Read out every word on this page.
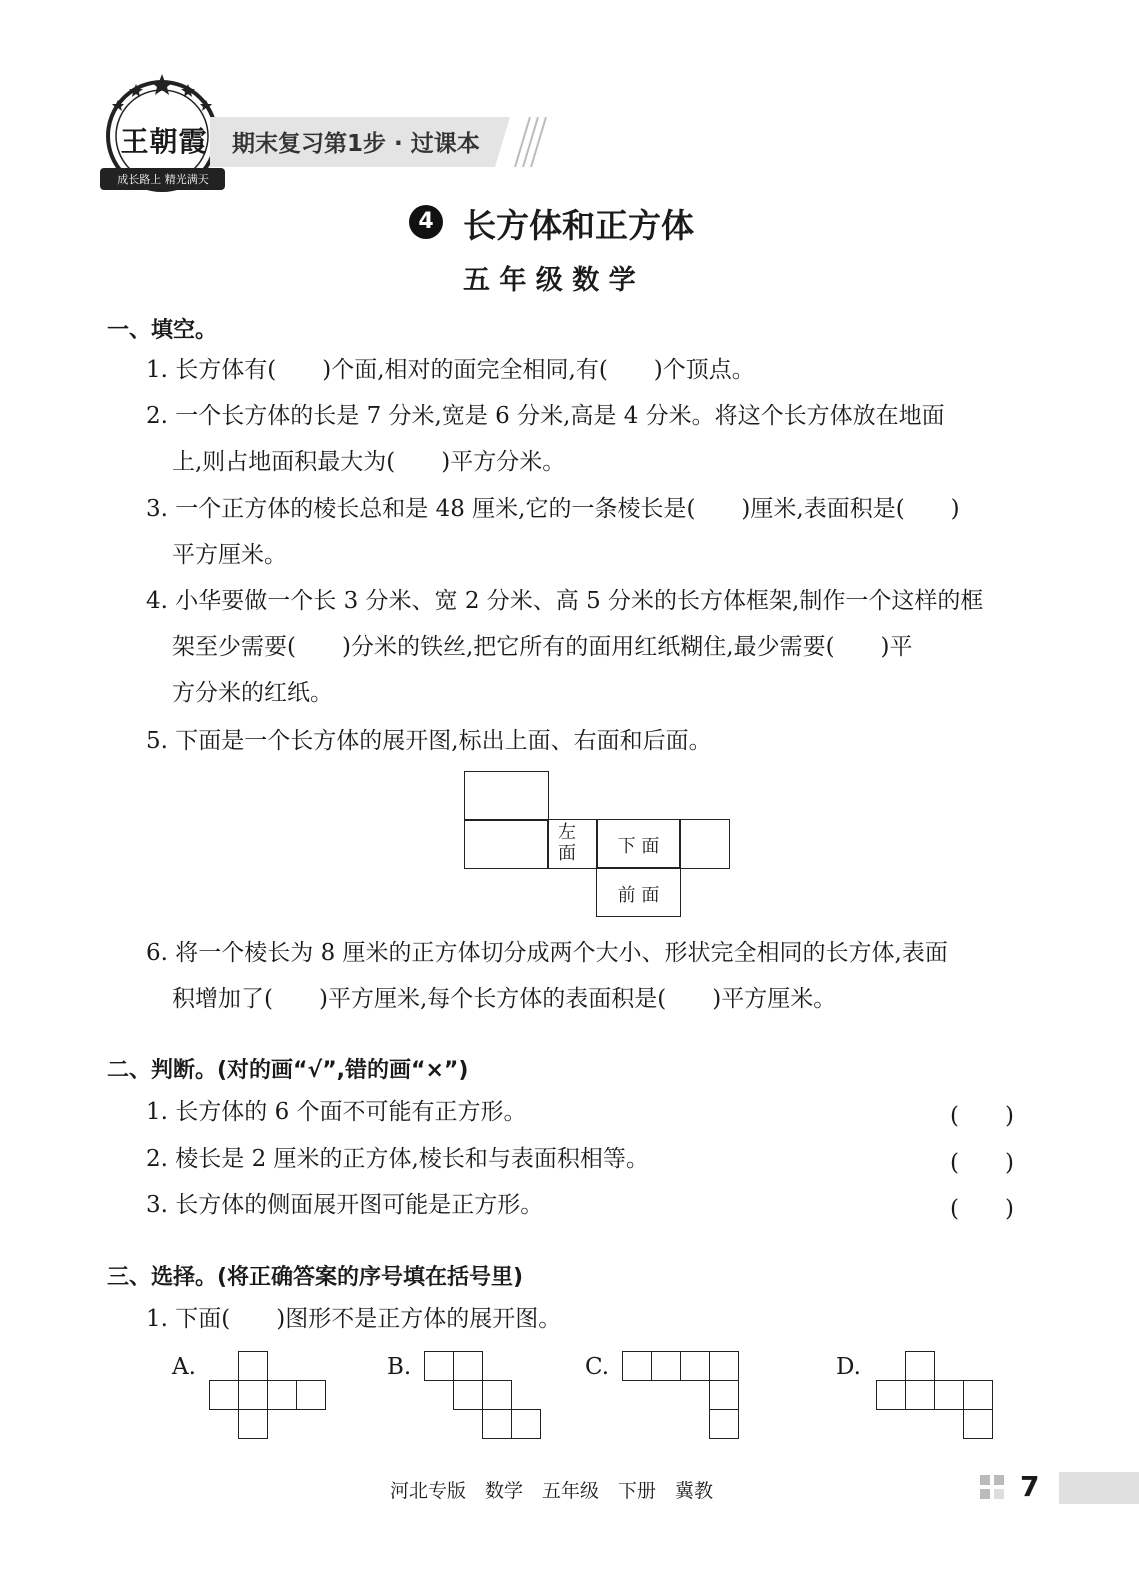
王朝霞
成长路上 精光满天
期末复习第1步 · 过课本
4 长方体和正方体
五 年 级 数 学
一、填空。
1. 长方体有(　　)个面,相对的面完全相同,有(　　)个顶点。
2. 一个长方体的长是 7 分米,宽是 6 分米,高是 4 分米。将这个长方体放在地面
上,则占地面积最大为(　　)平方分米。
3. 一个正方体的棱长总和是 48 厘米,它的一条棱长是(　　)厘米,表面积是(　　)
平方厘米。
4. 小华要做一个长 3 分米、宽 2 分米、高 5 分米的长方体框架,制作一个这样的框
架至少需要(　　)分米的铁丝,把它所有的面用红纸糊住,最少需要(　　)平
方分米的红纸。
5. 下面是一个长方体的展开图,标出上面、右面和后面。
左
面	下 面
前 面
6. 将一个棱长为 8 厘米的正方体切分成两个大小、形状完全相同的长方体,表面
积增加了(　　)平方厘米,每个长方体的表面积是(　　)平方厘米。
二、判断。(对的画“√”,错的画“×”)
1. 长方体的 6 个面不可能有正方形。	(　　)
2. 棱长是 2 厘米的正方体,棱长和与表面积相等。	(　　)
3. 长方体的侧面展开图可能是正方形。	(　　)
三、选择。(将正确答案的序号填在括号里)
1. 下面(　　)图形不是正方体的展开图。
A.	B.	C.	D.
河北专版　数学　五年级　下册　冀教	7
